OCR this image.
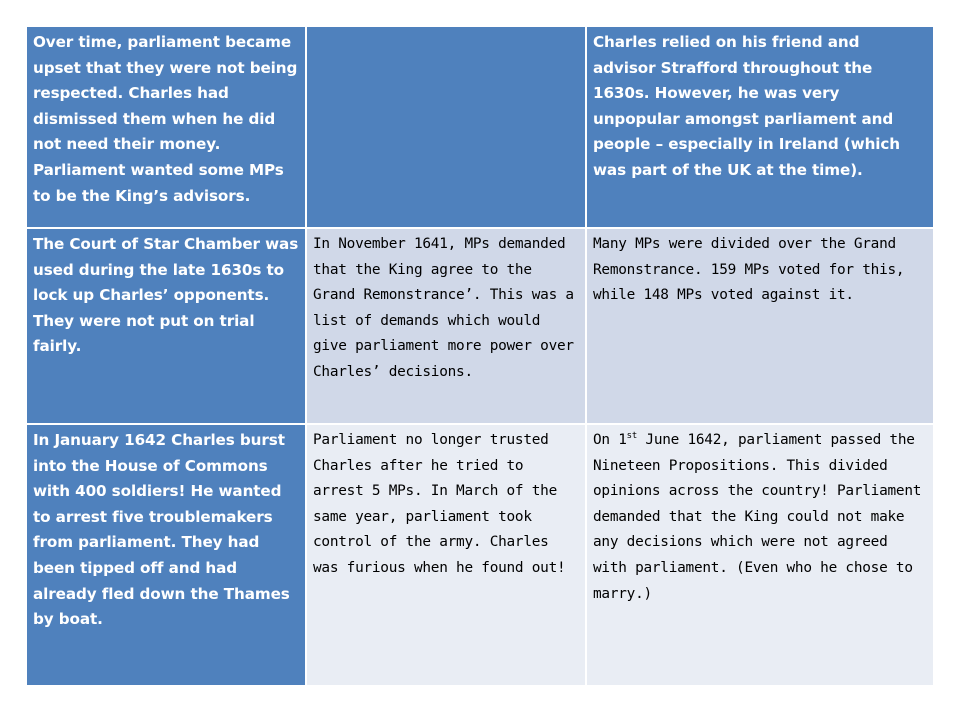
Over time, parliament became upset that they were not being respected. Charles had dismissed them when he did not need their money. Parliament wanted some MPs to be the King’s advisors.

Charles relied on his friend and advisor Strafford throughout the 1630s. However, he was very unpopular amongst parliament and people – especially in Ireland (which was part of the UK at the time).

The Court of Star Chamber was used during the late 1630s to lock up Charles’ opponents. They were not put on trial fairly.

In November 1641, MPs demanded that the King agree to the Grand Remonstrance’. This was a list of demands which would give parliament more power over Charles’ decisions.

Many MPs were divided over the Grand Remonstrance. 159 MPs voted for this, while 148 MPs voted against it.

In January 1642 Charles burst into the House of Commons with 400 soldiers! He wanted to arrest five troublemakers from parliament. They had been tipped off and had already fled down the Thames by boat.

Parliament no longer trusted Charles after he tried to arrest 5 MPs. In March of the same year, parliament took control of the army. Charles was furious when he found out!

On 1st June 1642, parliament passed the Nineteen Propositions. This divided opinions across the country! Parliament demanded that the King could not make any decisions which were not agreed with parliament. (Even who he chose to marry.)
